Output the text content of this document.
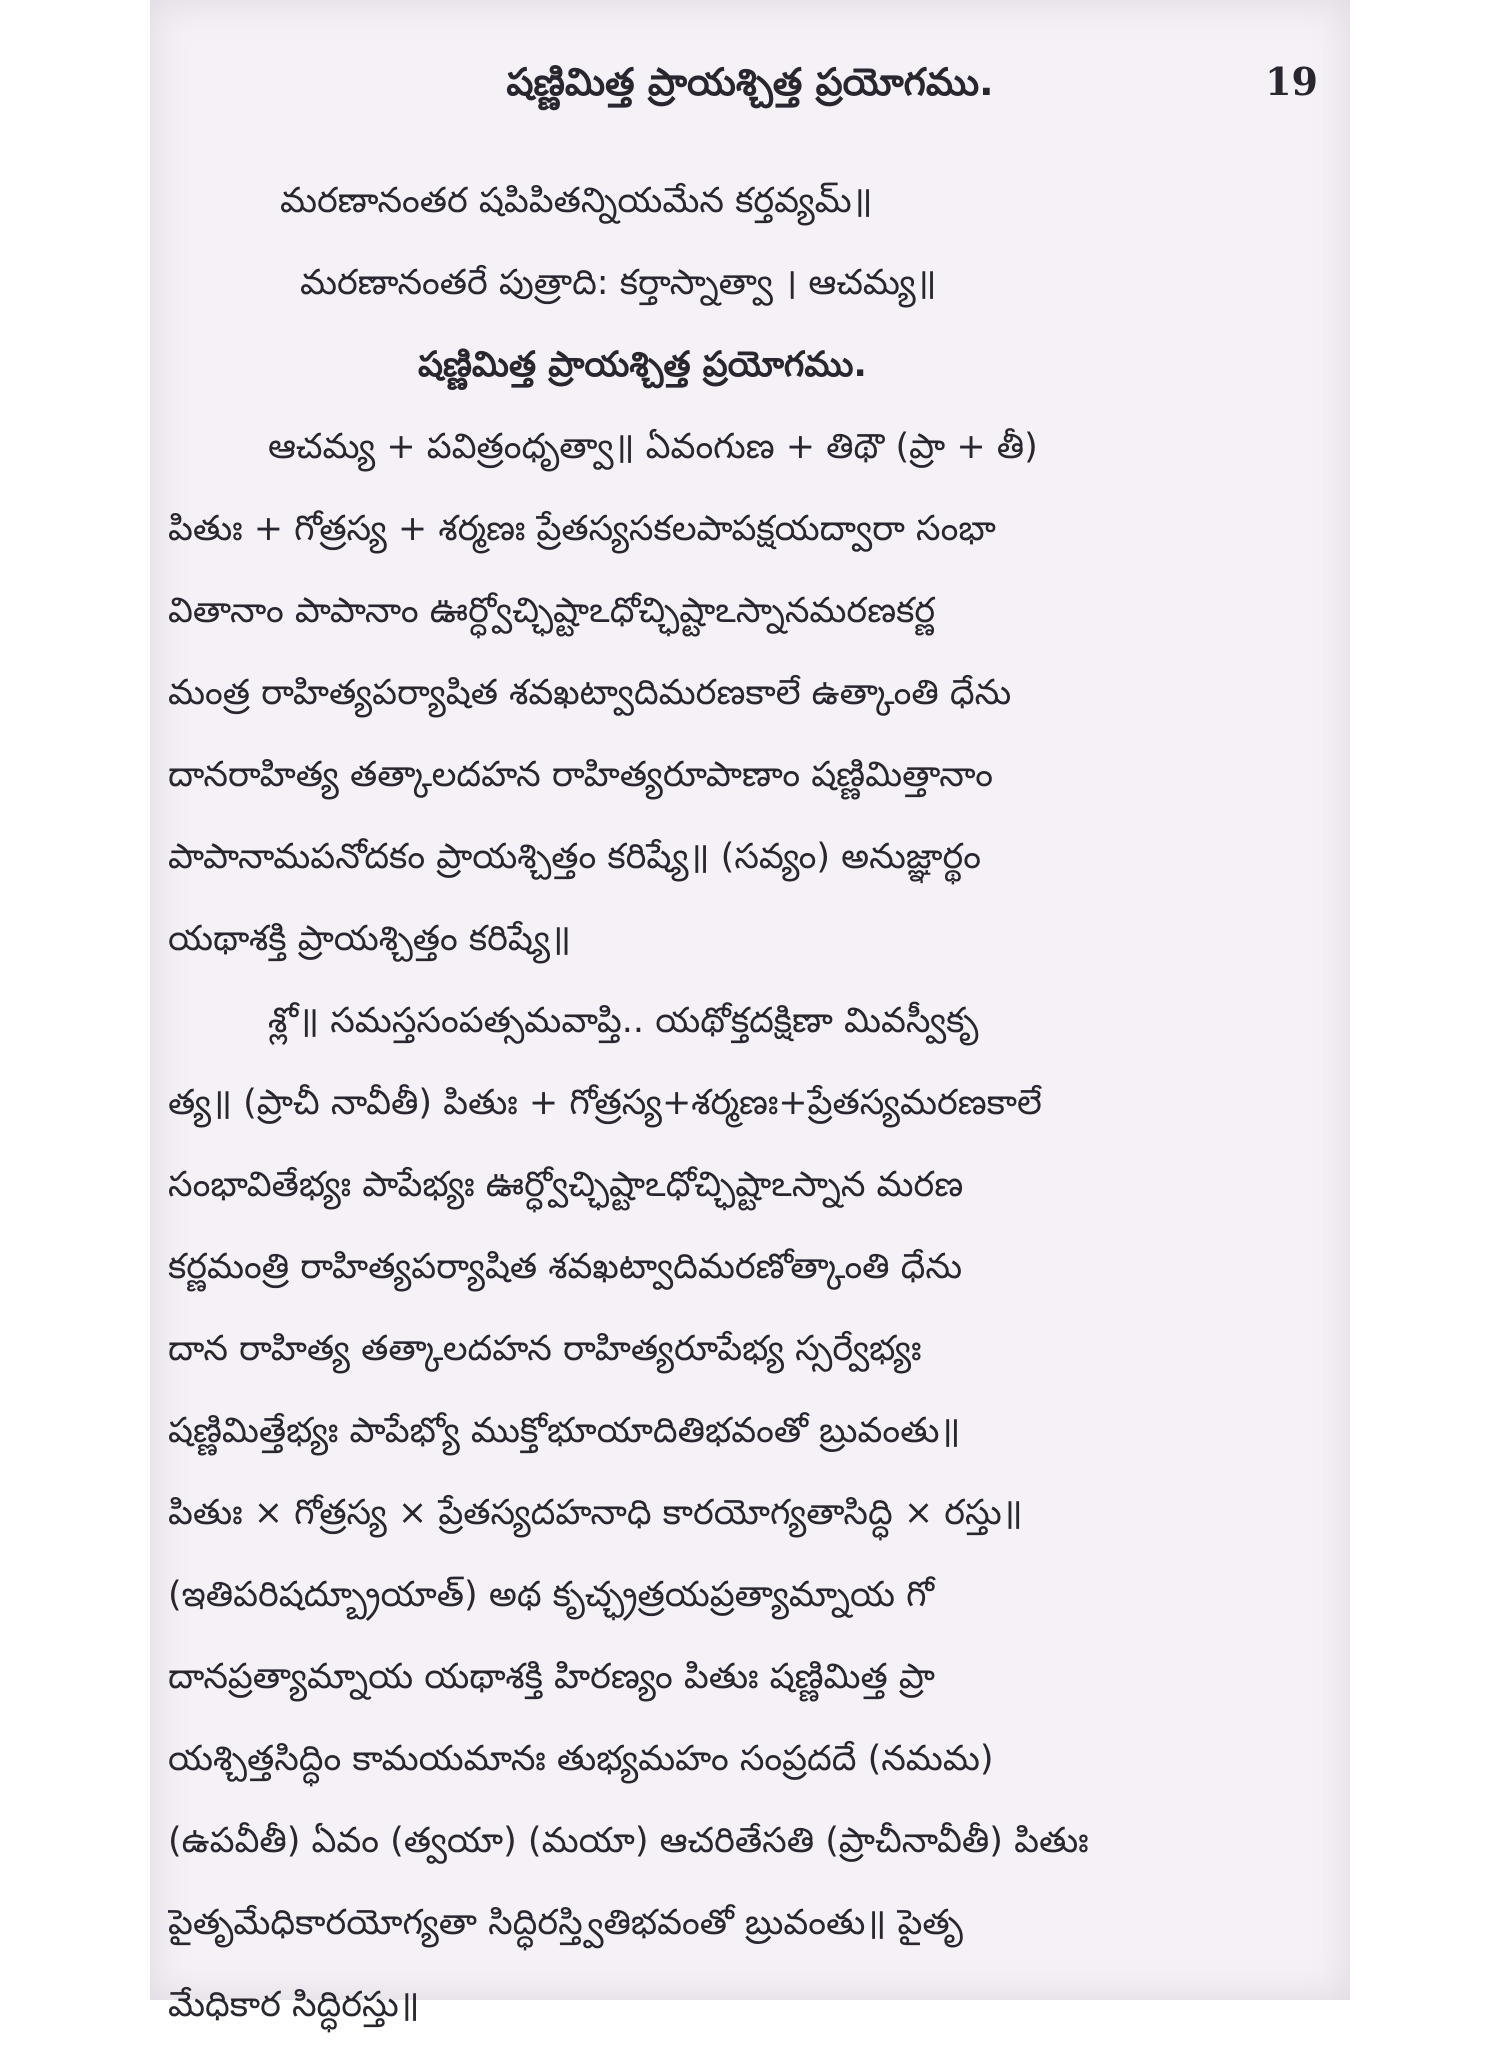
షణ్ణిమిత్త ప్రాయశ్చిత్త ప్రయోగము.	19
మరణానంతర షపిపితన్నియమేన కర్తవ్యమ్॥
మరణానంతరే పుత్రాది: కర్తాస్నాత్వా । ఆచమ్య॥
షణ్ణిమిత్త ప్రాయశ్చిత్త ప్రయోగము.
ఆచమ్య + పవిత్రంధృత్వా॥ ఏవంగుణ + తిథౌ (ప్రా + తీ)
పితుః + గోత్రస్య + శర్మణః ప్రేతస్యసకలపాపక్షయద్వారా సంభా
వితానాం పాపానాం ఊర్ధ్వోచ్ఛిష్టాఽధోచ్ఛిష్టాఽస్నానమరణకర్ణ
మంత్ర రాహిత్యపర్యాషిత శవఖట్వాదిమరణకాలే ఉత్కాంతి ధేను
దానరాహిత్య తత్కాలదహన రాహిత్యరూపాణాం షణ్ణిమిత్తానాం
పాపానామపనోదకం ప్రాయశ్చిత్తం కరిష్యే॥ (సవ్యం) అనుజ్ఞార్థం
యథాశక్తి ప్రాయశ్చిత్తం కరిష్యే॥
శ్లో॥ సమస్తసంపత్సమవాప్తి.. యథోక్తదక్షిణా మివస్వీకృ
త్య॥ (ప్రాచీ నావీతీ) పితుః + గోత్రస్య+శర్మణః+ప్రేతస్యమరణకాలే
సంభావితేభ్యః పాపేభ్యః ఊర్ధ్వోచ్ఛిష్టాఽధోచ్ఛిష్టాఽస్నాన మరణ
కర్ణమంత్రి రాహిత్యపర్యాషిత శవఖట్వాదిమరణోత్కాంతి ధేను
దాన రాహిత్య తత్కాలదహన రాహిత్యరూపేభ్య స్సర్వేభ్యః
షణ్ణిమిత్తేభ్యః పాపేభ్యో ముక్తోభూయాదితిభవంతో బ్రువంతు॥
పితుః × గోత్రస్య × ప్రేతస్యదహనాధి కారయోగ్యతాసిద్ధి × రస్తు॥
(ఇతిపరిషద్బ్రూయాత్) అథ కృచ్ఛ్రత్రయప్రత్యామ్నాయ గో
దానప్రత్యామ్నాయ యథాశక్తి హిరణ్యం పితుః షణ్ణిమిత్త ప్రా
యశ్చిత్తసిద్ధిం కామయమానః తుభ్యమహం సంప్రదదే (నమమ)
(ఉపవీతీ) ఏవం (త్వయా) (మయా) ఆచరితేసతి (ప్రాచీనావీతీ) పితుః
పైతృమేధికారయోగ్యతా సిద్ధిరస్త్వితిభవంతో బ్రువంతు॥ పైతృ
మేధికార సిద్ధిరస్తు॥
